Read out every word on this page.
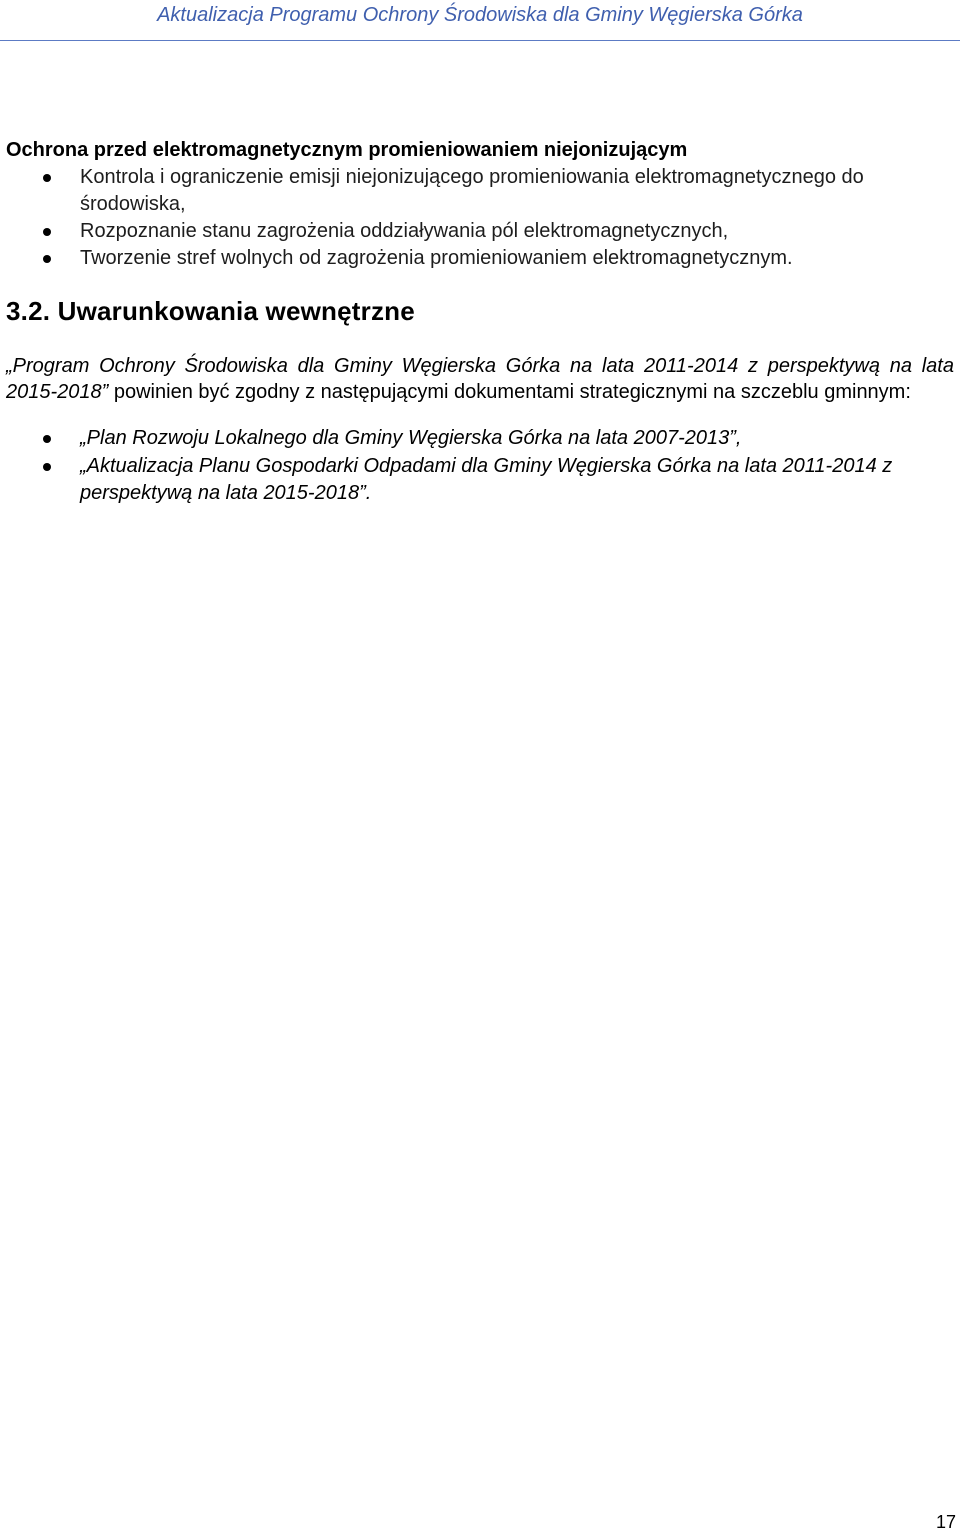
Aktualizacja Programu Ochrony Środowiska dla Gminy Węgierska Górka

Ochrona przed elektromagnetycznym promieniowaniem niejonizującym

Kontrola i ograniczenie emisji niejonizującego promieniowania elektromagnetycznego do środowiska,
Rozpoznanie stanu zagrożenia oddziaływania pól elektromagnetycznych,
Tworzenie stref wolnych od zagrożenia promieniowaniem elektromagnetycznym.
3.2. Uwarunkowania wewnętrzne

„Program Ochrony Środowiska dla Gminy Węgierska Górka na lata 2011-2014 z perspektywą na lata 2015-2018” powinien być zgodny z następującymi dokumentami strategicznymi na szczeblu gminnym:

„Plan Rozwoju Lokalnego dla Gminy Węgierska Górka na lata 2007-2013”,
„Aktualizacja Planu Gospodarki Odpadami dla Gminy Węgierska Górka na lata 2011-2014 z perspektywą na lata 2015-2018”.
17
